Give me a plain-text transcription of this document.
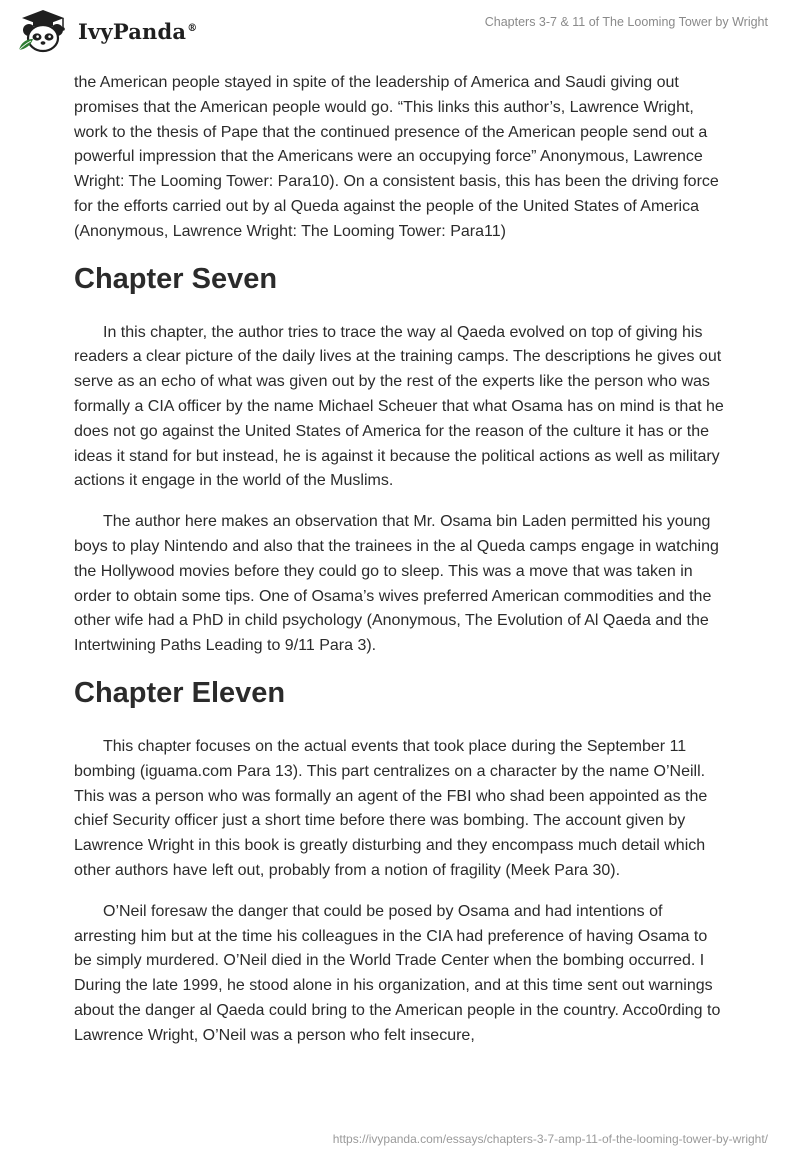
IvyPanda®	Chapters 3-7 & 11 of The Looming Tower by Wright

the American people stayed in spite of the leadership of America and Saudi giving out promises that the American people would go. “This links this author’s, Lawrence Wright, work to the thesis of Pape that the continued presence of the American people send out a powerful impression that the Americans were an occupying force” Anonymous, Lawrence Wright: The Looming Tower: Para10). On a consistent basis, this has been the driving force for the efforts carried out by al Queda against the people of the United States of America (Anonymous, Lawrence Wright: The Looming Tower: Para11)

Chapter Seven

In this chapter, the author tries to trace the way al Qaeda evolved on top of giving his readers a clear picture of the daily lives at the training camps. The descriptions he gives out serve as an echo of what was given out by the rest of the experts like the person who was formally a CIA officer by the name Michael Scheuer that what Osama has on mind is that he does not go against the United States of America for the reason of the culture it has or the ideas it stand for but instead, he is against it because the political actions as well as military actions it engage in the world of the Muslims.

The author here makes an observation that Mr. Osama bin Laden permitted his young boys to play Nintendo and also that the trainees in the al Queda camps engage in watching the Hollywood movies before they could go to sleep. This was a move that was taken in order to obtain some tips. One of Osama’s wives preferred American commodities and the other wife had a PhD in child psychology (Anonymous, The Evolution of Al Qaeda and the Intertwining Paths Leading to 9/11 Para 3).

Chapter Eleven

This chapter focuses on the actual events that took place during the September 11 bombing (iguama.com Para 13). This part centralizes on a character by the name O’Neill. This was a person who was formally an agent of the FBI who shad been appointed as the chief Security officer just a short time before there was bombing. The account given by Lawrence Wright in this book is greatly disturbing and they encompass much detail which other authors have left out, probably from a notion of fragility (Meek Para 30).

O’Neil foresaw the danger that could be posed by Osama and had intentions of arresting him but at the time his colleagues in the CIA had preference of having Osama to be simply murdered. O’Neil died in the World Trade Center when the bombing occurred. I During the late 1999, he stood alone in his organization, and at this time sent out warnings about the danger al Qaeda could bring to the American people in the country. Acco0rding to Lawrence Wright, O’Neil was a person who felt insecure,

https://ivypanda.com/essays/chapters-3-7-amp-11-of-the-looming-tower-by-wright/
